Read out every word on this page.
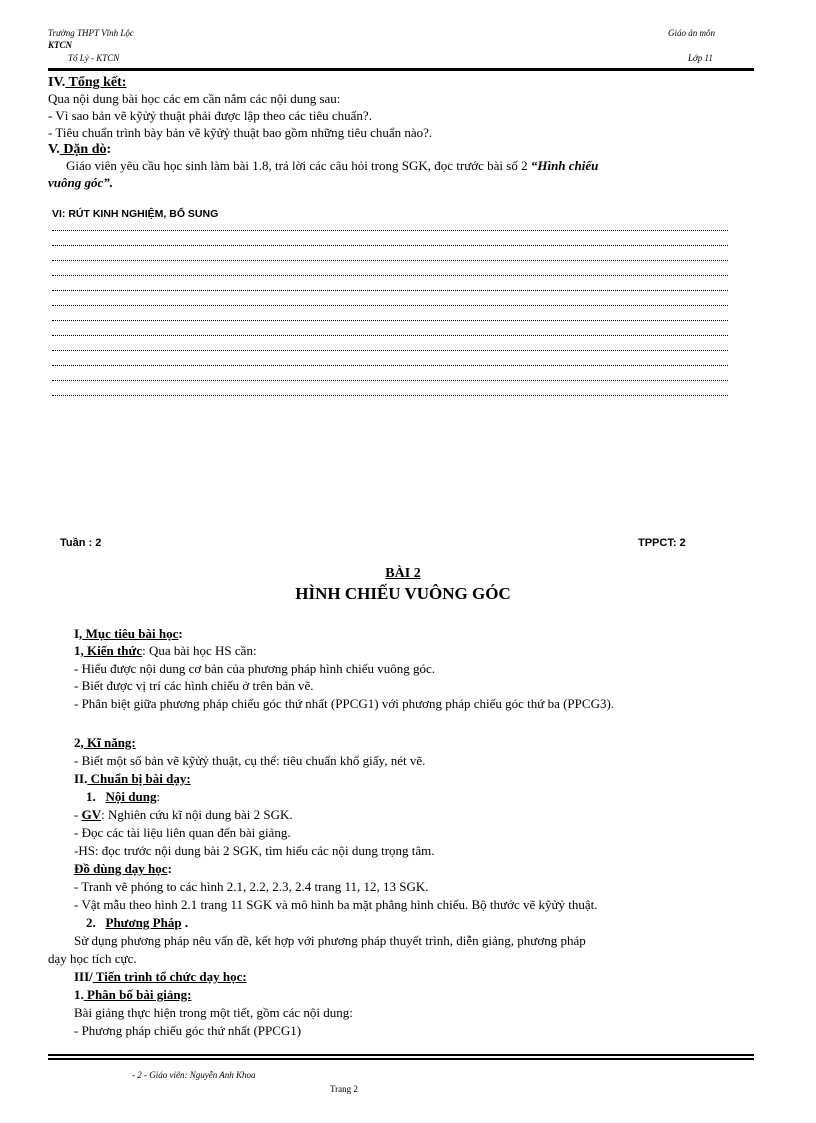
Trường THPT Vĩnh Lộc
KTCN
Tổ Lý - KTCN
Giáo án môn
Lớp 11
IV. Tổng kết:
Qua nội dung bài học các em cần nắm các nội dung sau:
- Vì sao bản vẽ kỹửỷ thuật phải được lập theo các tiêu chuẩn?.
- Tiêu chuẩn trình bày bản vẽ kỹửỷ thuật bao gồm những tiêu chuẩn nào?.
V. Dặn dò:
Giáo viên yêu cầu học sinh làm bài 1.8, trả lời các câu hỏi trong SGK, đọc trước bài số 2 “Hình chiếu
vuông góc”.
VI: RÚT KINH NGHIỆM, BỔ SUNG
Tuần : 2	TPPCT: 2
BÀI 2
HÌNH CHIẾU VUÔNG GÓC
I, Mục tiêu bài học:
1, Kiến thức: Qua bài học HS cần:
- Hiểu được nội dung cơ bản của phương pháp hình chiếu vuông góc.
- Biết được vị trí các hình chiếu ở trên bản vẽ.
- Phân biệt giữa phương pháp chiếu góc thứ nhất (PPCG1) với phương pháp chiếu góc thứ ba (PPCG3).
2, Kĩ năng:
- Biết một số bản vẽ kỹửỷ thuật, cụ thể: tiêu chuẩn khổ giấy, nét vẽ.
II. Chuẩn bị bài dạy:
1. Nội dung:
- GV: Nghiên cứu kĩ nội dung bài 2 SGK.
- Đọc các tài liệu liên quan đến bài giảng.
-HS: đọc trước nội dung bài 2 SGK, tìm hiểu các nội dung trọng tâm.
Đồ dùng dạy học:
- Tranh vẽ phóng to các hình 2.1, 2.2, 2.3, 2.4 trang 11, 12, 13 SGK.
- Vật mẫu theo hình 2.1 trang 11 SGK và mô hình ba mặt phẳng hình chiếu. Bộ thước vẽ kỹửỷ thuật.
2. Phương Pháp .
Sử dụng phương pháp nêu vấn đề, kết hợp với phương pháp thuyết trình, diễn giảng, phương pháp
dạy học tích cực.
III/ Tiến trình tổ chức dạy học:
1. Phân bố bài giảng:
Bài giảng thực hiện trong một tiết, gồm các nội dung:
- Phương pháp chiếu góc thứ nhất (PPCG1)
- 2 - Giáo viên: Nguyễn Anh Khoa
Trang 2
